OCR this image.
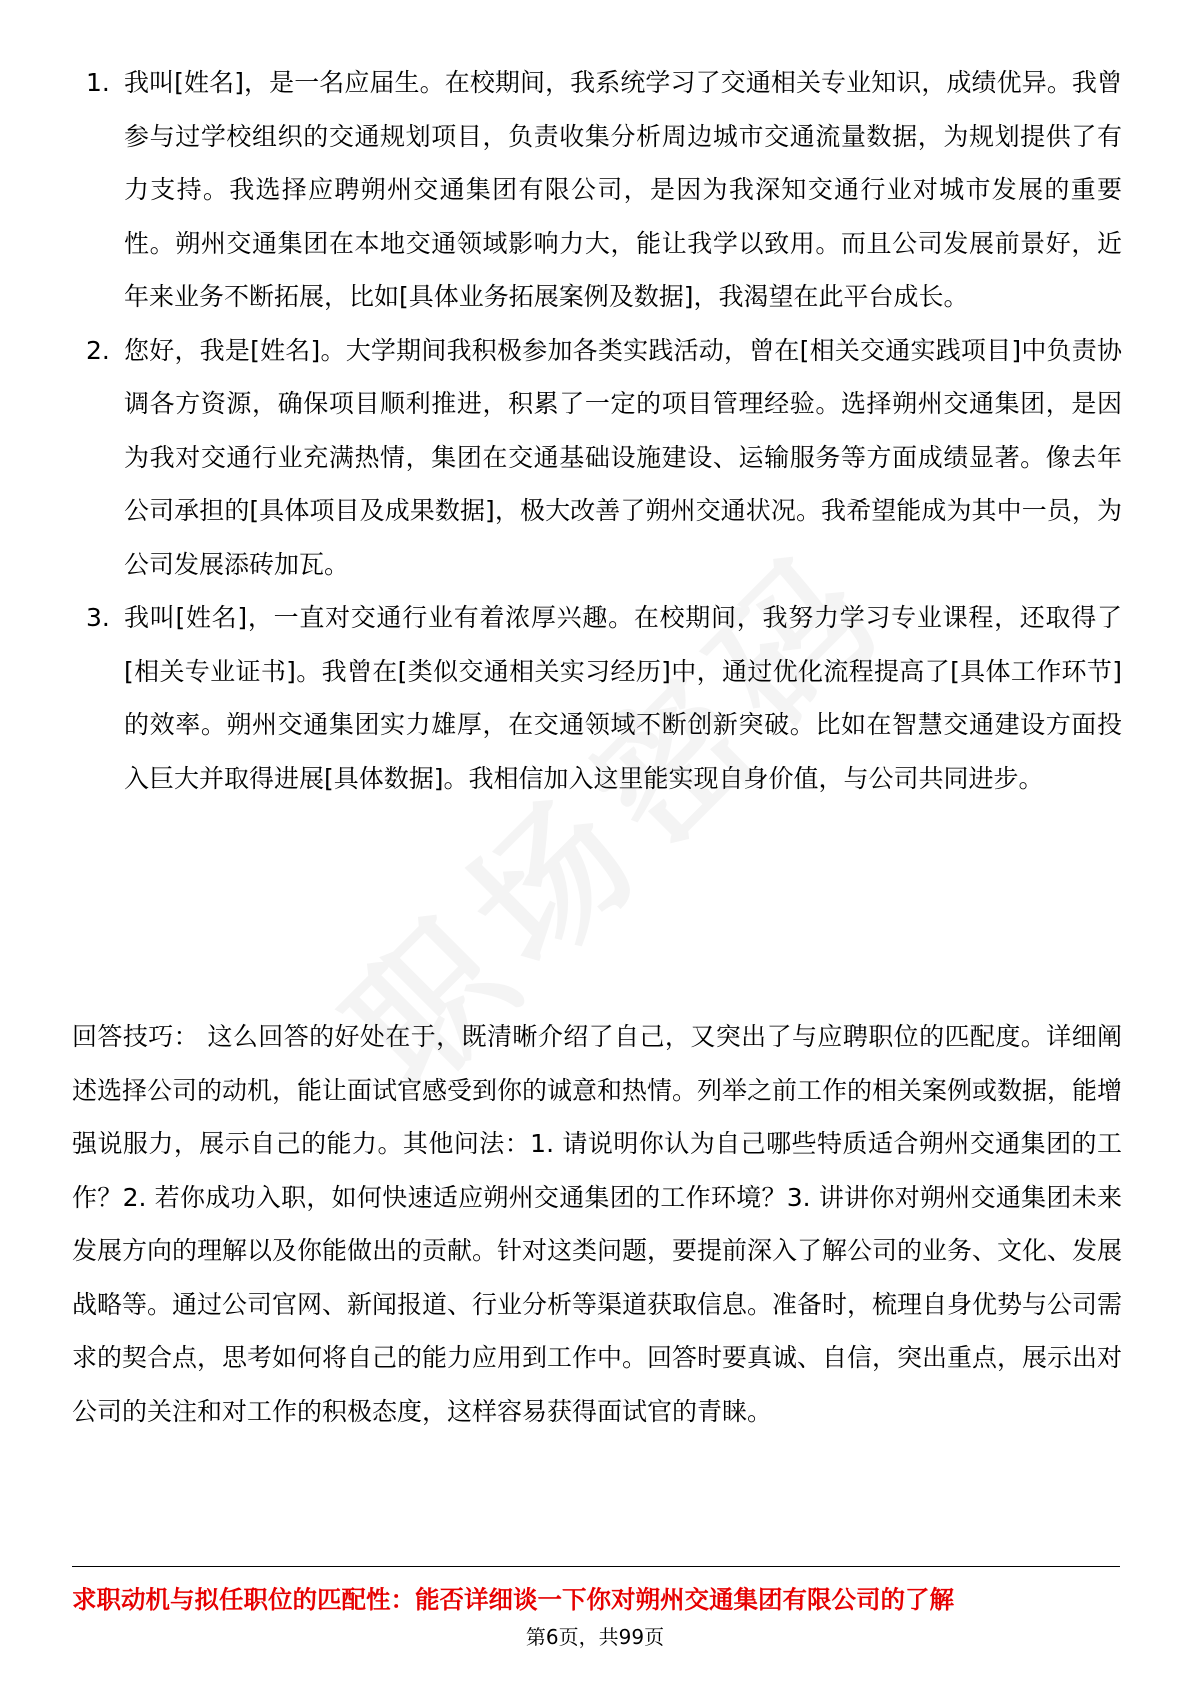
1. 我叫[姓名]，是一名应届生。在校期间，我系统学习了交通相关专业知识，成绩优异。我曾参与过学校组织的交通规划项目，负责收集分析周边城市交通流量数据，为规划提供了有力支持。我选择应聘朔州交通集团有限公司，是因为我深知交通行业对城市发展的重要性。朔州交通集团在本地交通领域影响力大，能让我学以致用。而且公司发展前景好，近年来业务不断拓展，比如[具体业务拓展案例及数据]，我渴望在此平台成长。
2. 您好，我是[姓名]。大学期间我积极参加各类实践活动，曾在[相关交通实践项目]中负责协调各方资源，确保项目顺利推进，积累了一定的项目管理经验。选择朔州交通集团，是因为我对交通行业充满热情，集团在交通基础设施建设、运输服务等方面成绩显著。像去年公司承担的[具体项目及成果数据]，极大改善了朔州交通状况。我希望能成为其中一员，为公司发展添砖加瓦。
3. 我叫[姓名]，一直对交通行业有着浓厚兴趣。在校期间，我努力学习专业课程，还取得了[相关专业证书]。我曾在[类似交通相关实习经历]中，通过优化流程提高了[具体工作环节]的效率。朔州交通集团实力雄厚，在交通领域不断创新突破。比如在智慧交通建设方面投入巨大并取得进展[具体数据]。我相信加入这里能实现自身价值，与公司共同进步。

回答技巧： 这么回答的好处在于，既清晰介绍了自己，又突出了与应聘职位的匹配度。详细阐述选择公司的动机，能让面试官感受到你的诚意和热情。列举之前工作的相关案例或数据，能增强说服力，展示自己的能力。其他问法：1. 请说明你认为自己哪些特质适合朔州交通集团的工作？2. 若你成功入职，如何快速适应朔州交通集团的工作环境？3. 讲讲你对朔州交通集团未来发展方向的理解以及你能做出的贡献。针对这类问题，要提前深入了解公司的业务、文化、发展战略等。通过公司官网、新闻报道、行业分析等渠道获取信息。准备时，梳理自身优势与公司需求的契合点，思考如何将自己的能力应用到工作中。回答时要真诚、自信，突出重点，展示出对公司的关注和对工作的积极态度，这样容易获得面试官的青睐。

求职动机与拟任职位的匹配性：能否详细谈一下你对朔州交通集团有限公司的了解
第6页，共99页
